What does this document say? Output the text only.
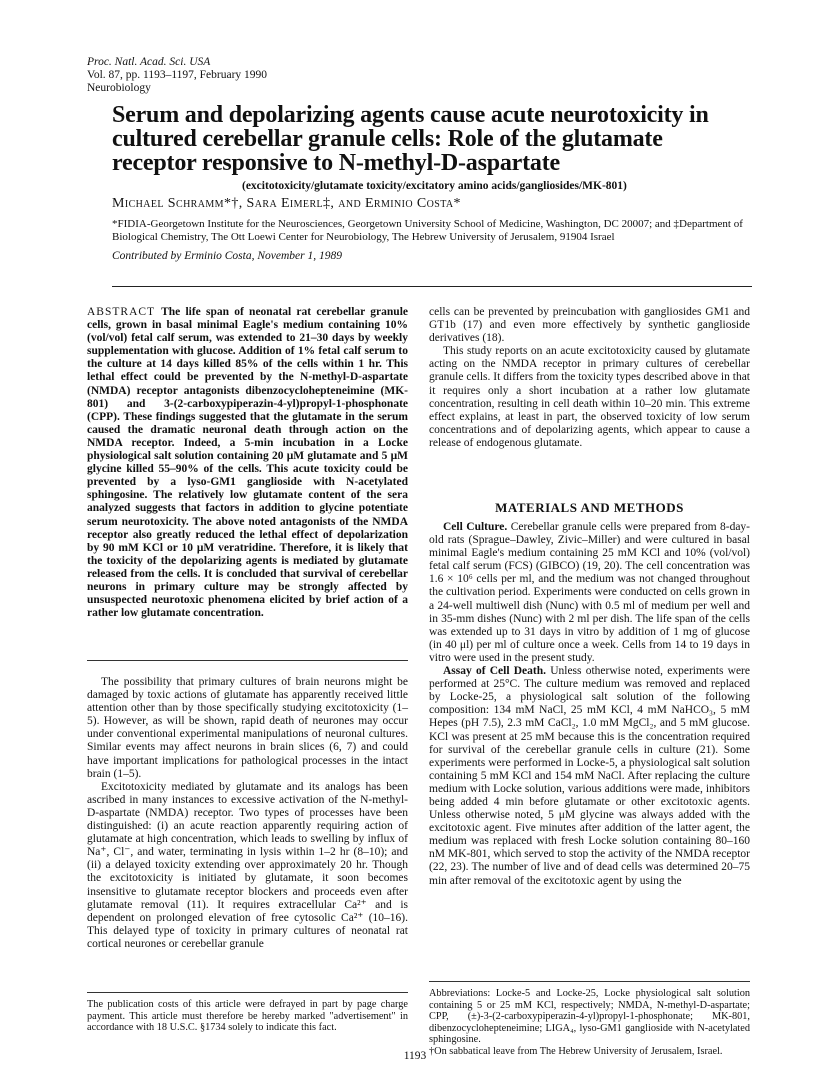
Proc. Natl. Acad. Sci. USA
Vol. 87, pp. 1193–1197, February 1990
Neurobiology
Serum and depolarizing agents cause acute neurotoxicity in cultured cerebellar granule cells: Role of the glutamate receptor responsive to N-methyl-D-aspartate
(excitotoxicity/glutamate toxicity/excitatory amino acids/gangliosides/MK-801)
Michael Schramm*†, Sara Eimerl‡, and Erminio Costa*
*FIDIA-Georgetown Institute for the Neurosciences, Georgetown University School of Medicine, Washington, DC 20007; and ‡Department of Biological Chemistry, The Ott Loewi Center for Neurobiology, The Hebrew University of Jerusalem, 91904 Israel
Contributed by Erminio Costa, November 1, 1989
ABSTRACT The life span of neonatal rat cerebellar granule cells, grown in basal minimal Eagle's medium containing 10% (vol/vol) fetal calf serum, was extended to 21–30 days by weekly supplementation with glucose. Addition of 1% fetal calf serum to the culture at 14 days killed 85% of the cells within 1 hr. This lethal effect could be prevented by the N-methyl-D-aspartate (NMDA) receptor antagonists dibenzocycloheptenеimine (MK-801) and 3-(2-carboxypiperazin-4-yl)propyl-1-phosphonate (CPP). These findings suggested that the glutamate in the serum caused the dramatic neuronal death through action on the NMDA receptor. Indeed, a 5-min incubation in a Locke physiological salt solution containing 20 μM glutamate and 5 μM glycine killed 55–90% of the cells. This acute toxicity could be prevented by a lyso-GM1 ganglioside with N-acetylated sphingosine. The relatively low glutamate content of the sera analyzed suggests that factors in addition to glycine potentiate serum neurotoxicity. The above noted antagonists of the NMDA receptor also greatly reduced the lethal effect of depolarization by 90 mM KCl or 10 μM veratridine. Therefore, it is likely that the toxicity of the depolarizing agents is mediated by glutamate released from the cells. It is concluded that survival of cerebellar neurons in primary culture may be strongly affected by unsuspected neurotoxic phenomena elicited by brief action of a rather low glutamate concentration.

The possibility that primary cultures of brain neurons might be damaged by toxic actions of glutamate has apparently received little attention other than by those specifically studying excitotoxicity (1–5). However, as will be shown, rapid death of neurones may occur under conventional experimental manipulations of neuronal cultures. Similar events may affect neurons in brain slices (6, 7) and could have important implications for pathological processes in the intact brain (1–5).

Excitotoxicity mediated by glutamate and its analogs has been ascribed in many instances to excessive activation of the N-methyl-D-aspartate (NMDA) receptor. Two types of processes have been distinguished: (i) an acute reaction apparently requiring action of glutamate at high concentration, which leads to swelling by influx of Na⁺, Cl⁻, and water, terminating in lysis within 1–2 hr (8–10); and (ii) a delayed toxicity extending over approximately 20 hr. Though the excitotoxicity is initiated by glutamate, it soon becomes insensitive to glutamate receptor blockers and proceeds even after glutamate removal (11). It requires extracellular Ca²⁺ and is dependent on prolonged elevation of free cytosolic Ca²⁺ (10–16). This delayed type of toxicity in primary cultures of neonatal rat cortical neurones or cerebellar granule

The publication costs of this article were defrayed in part by page charge payment. This article must therefore be hereby marked "advertisement" in accordance with 18 U.S.C. §1734 solely to indicate this fact.

cells can be prevented by preincubation with gangliosides GM1 and GT1b (17) and even more effectively by synthetic ganglioside derivatives (18).

This study reports on an acute excitotoxicity caused by glutamate acting on the NMDA receptor in primary cultures of cerebellar granule cells. It differs from the toxicity types described above in that it requires only a short incubation at a rather low glutamate concentration, resulting in cell death within 10–20 min. This extreme effect explains, at least in part, the observed toxicity of low serum concentrations and of depolarizing agents, which appear to cause a release of endogenous glutamate.

MATERIALS AND METHODS

Cell Culture. Cerebellar granule cells were prepared from 8-day-old rats (Sprague–Dawley, Zivic–Miller) and were cultured in basal minimal Eagle's medium containing 25 mM KCl and 10% (vol/vol) fetal calf serum (FCS) (GIBCO) (19, 20). The cell concentration was 1.6 × 10⁶ cells per ml, and the medium was not changed throughout the cultivation period. Experiments were conducted on cells grown in a 24-well multiwell dish (Nunc) with 0.5 ml of medium per well and in 35-mm dishes (Nunc) with 2 ml per dish. The life span of the cells was extended up to 31 days in vitro by addition of 1 mg of glucose (in 40 μl) per ml of culture once a week. Cells from 14 to 19 days in vitro were used in the present study.

Assay of Cell Death. Unless otherwise noted, experiments were performed at 25°C. The culture medium was removed and replaced by Locke-25, a physiological salt solution of the following composition: 134 mM NaCl, 25 mM KCl, 4 mM NaHCO₃, 5 mM Hepes (pH 7.5), 2.3 mM CaCl₂, 1.0 mM MgCl₂, and 5 mM glucose. KCl was present at 25 mM because this is the concentration required for survival of the cerebellar granule cells in culture (21). Some experiments were performed in Locke-5, a physiological salt solution containing 5 mM KCl and 154 mM NaCl. After replacing the culture medium with Locke solution, various additions were made, inhibitors being added 4 min before glutamate or other excitotoxic agents. Unless otherwise noted, 5 μM glycine was always added with the excitotoxic agent. Five minutes after addition of the latter agent, the medium was replaced with fresh Locke solution containing 80–160 nM MK-801, which served to stop the activity of the NMDA receptor (22, 23). The number of live and of dead cells was determined 20–75 min after removal of the excitotoxic agent by using the

Abbreviations: Locke-5 and Locke-25, Locke physiological salt solution containing 5 or 25 mM KCl, respectively; NMDA, N-methyl-D-aspartate; CPP, (±)-3-(2-carboxypiperazin-4-yl)propyl-1-phosphonate; MK-801, dibenzocycloheptenеimine; LIGA₄, lyso-GM1 ganglioside with N-acetylated sphingosine.
†On sabbatical leave from The Hebrew University of Jerusalem, Israel.
1193
